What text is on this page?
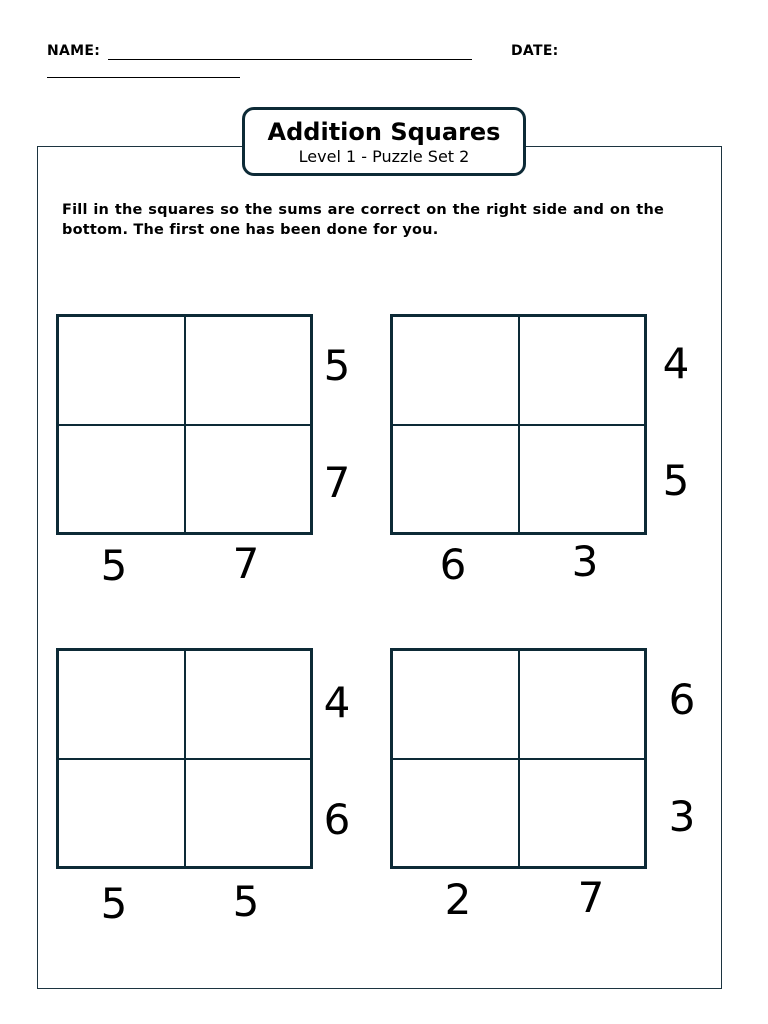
NAME:	DATE:
Addition Squares
Level 1 - Puzzle Set 2
Fill in the squares so the sums are correct on the right side and on the bottom. The first one has been done for you.
5
7
5	7
4
5
6	3
4
6
5	5
6
3
2	7
